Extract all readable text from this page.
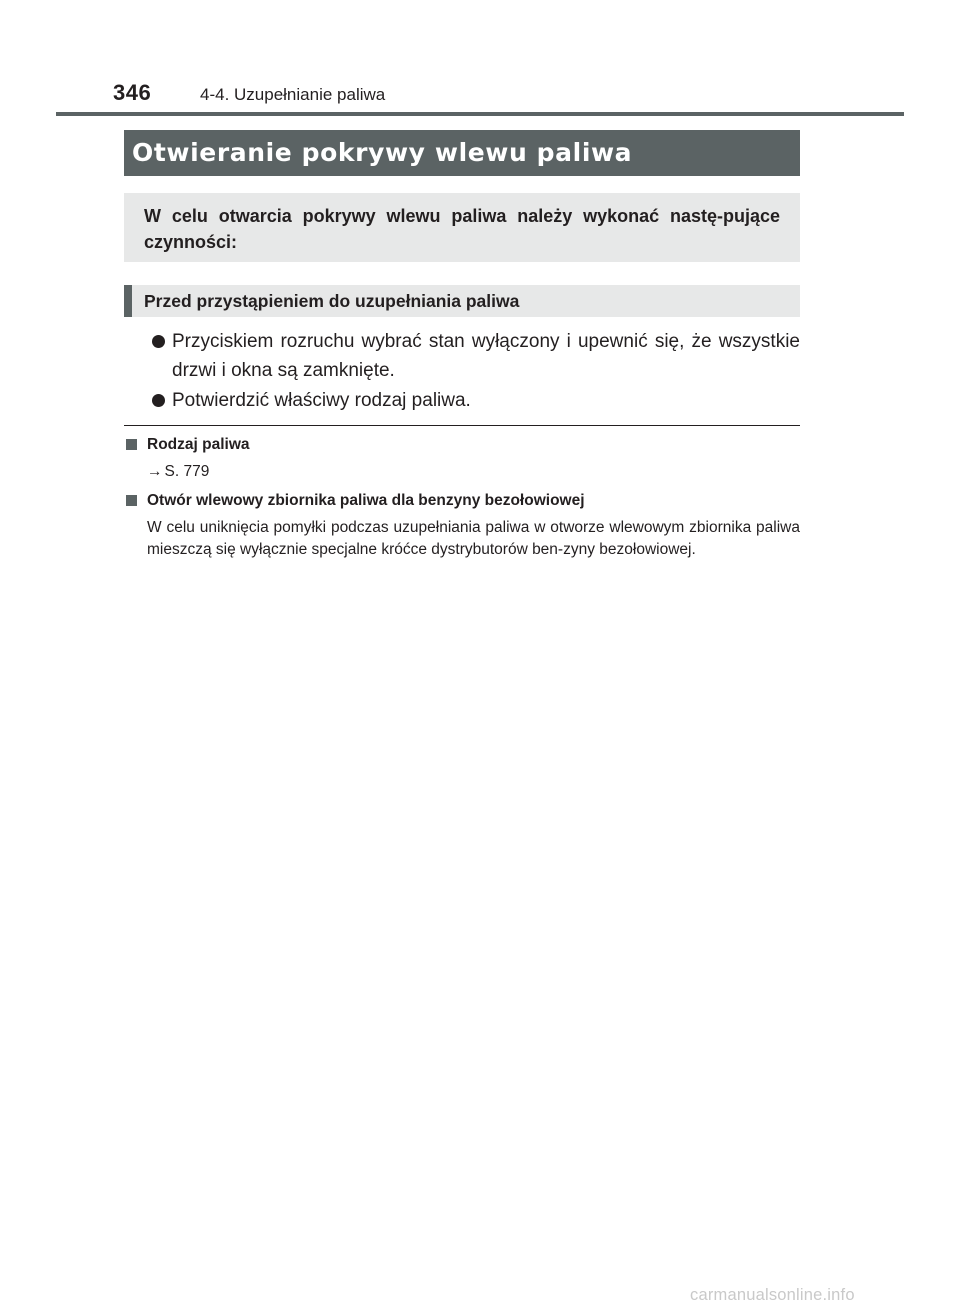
346	4-4. Uzupełnianie paliwa
Otwieranie pokrywy wlewu paliwa

W celu otwarcia pokrywy wlewu paliwa należy wykonać nastę-pujące czynności:

Przed przystąpieniem do uzupełniania paliwa
Przyciskiem rozruchu wybrać stan wyłączony i upewnić się, że wszystkie drzwi i okna są zamknięte.
Potwierdzić właściwy rodzaj paliwa.
Rodzaj paliwa
→ S. 779
Otwór wlewowy zbiornika paliwa dla benzyny bezołowiowej
W celu uniknięcia pomyłki podczas uzupełniania paliwa w otworze wlewowym zbiornika paliwa mieszczą się wyłącznie specjalne króćce dystrybutorów ben-zyny bezołowiowej.
carmanualsonline.info
